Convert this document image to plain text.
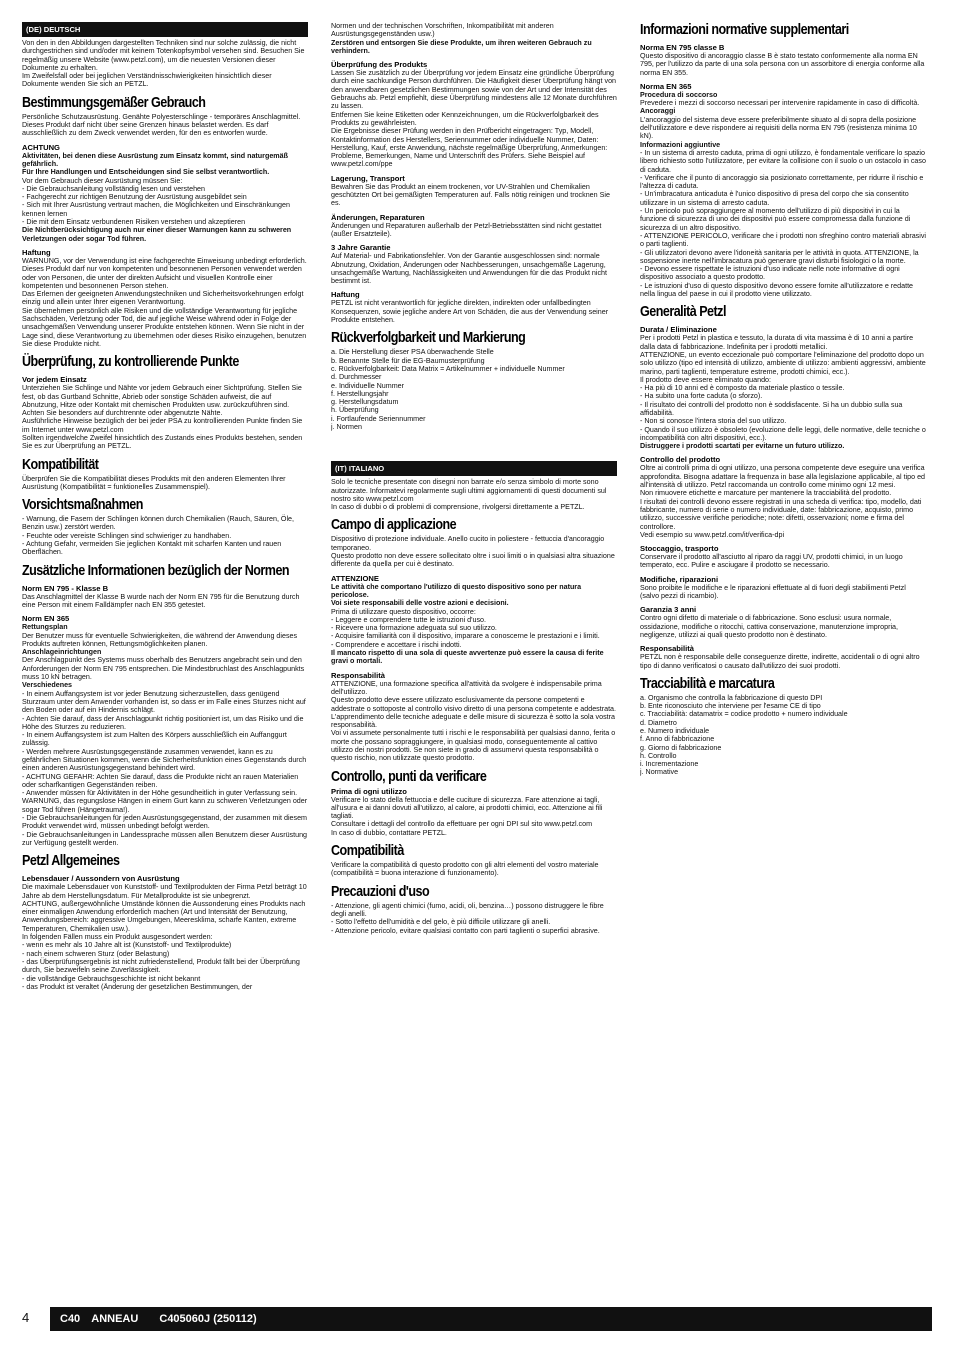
(DE) DEUTSCH
Von den in den Abbildungen dargestellten Techniken sind nur solche zulässig, die nicht durchgestrichen sind und/oder mit keinem Totenkopfsymbol versehen sind. Besuchen Sie regelmäßig unsere Website (www.petzl.com), um die neuesten Versionen dieser Dokumente zu erhalten.
Im Zweifelsfall oder bei jeglichen Verständnisschwierigkeiten hinsichtlich dieser Dokumente wenden Sie sich an PETZL.
Bestimmungsgemäßer Gebrauch
Persönliche Schutzausrüstung. Genähte Polyesterschlinge - temporäres Anschlagmittel.
Dieses Produkt darf nicht über seine Grenzen hinaus belastet werden. Es darf ausschließlich zu dem Zweck verwendet werden, für den es entworfen wurde.
ACHTUNG
Aktivitäten, bei denen diese Ausrüstung zum Einsatz kommt, sind naturgemäß gefährlich.
Für Ihre Handlungen und Entscheidungen sind Sie selbst verantwortlich.
Vor dem Gebrauch dieser Ausrüstung müssen Sie:
- Die Gebrauchsanleitung vollständig lesen und verstehen
- Fachgerecht zur richtigen Benutzung der Ausrüstung ausgebildet sein
- Sich mit Ihrer Ausrüstung vertraut machen, die Möglichkeiten und Einschränkungen kennen lernen
- Die mit dem Einsatz verbundenen Risiken verstehen und akzeptieren
Die Nichtberücksichtigung auch nur einer dieser Warnungen kann zu schweren Verletzungen oder sogar Tod führen.
Haftung
WARNUNG, vor der Verwendung ist eine fachgerechte Einweisung unbedingt erforderlich.
Dieses Produkt darf nur von kompetenten und besonnenen Personen verwendet werden oder von Personen, die unter der direkten Aufsicht und visuellen Kontrolle einer kompetenten und besonnenen Person stehen.
Das Erlernen der geeigneten Anwendungstechniken und Sicherheitsvorkehrungen erfolgt einzig und allein unter Ihrer eigenen Verantwortung.
Sie übernehmen persönlich alle Risiken und die vollständige Verantwortung für jegliche Sachschäden, Verletzung oder Tod, die auf jegliche Weise während oder in Folge der unsachgemäßen Verwendung unserer Produkte entstehen können. Wenn Sie nicht in der Lage sind, diese Verantwortung zu übernehmen oder dieses Risiko einzugehen, benutzen Sie diese Produkte nicht.
Überprüfung, zu kontrollierende Punkte
Vor jedem Einsatz
Unterziehen Sie Schlinge und Nähte vor jedem Gebrauch einer Sichtprüfung. Stellen Sie fest, ob das Gurtband Schnitte, Abrieb oder sonstige Schäden aufweist, die auf Abnutzung, Hitze oder Kontakt mit chemischen Produkten usw. zurückzuführen sind. Achten Sie besonders auf durchtrennte oder abgenutzte Nähte.
Ausführliche Hinweise bezüglich der bei jeder PSA zu kontrollierenden Punkte finden Sie im Internet unter www.petzl.com
Sollten irgendwelche Zweifel hinsichtlich des Zustands eines Produkts bestehen, senden Sie es zur Überprüfung an PETZL.
Kompatibilität
Überprüfen Sie die Kompatibilität dieses Produkts mit den anderen Elementen Ihrer Ausrüstung (Kompatibilität = funktionelles Zusammenspiel).
Vorsichtsmaßnahmen
- Warnung, die Fasern der Schlingen können durch Chemikalien (Rauch, Säuren, Öle, Benzin usw.) zerstört werden.
- Feuchte oder vereiste Schlingen sind schwieriger zu handhaben.
- Achtung Gefahr, vermeiden Sie jeglichen Kontakt mit scharfen Kanten und rauen Oberflächen.
Zusätzliche Informationen bezüglich der Normen
Norm EN 795 - Klasse B
Das Anschlagmittel der Klasse B wurde nach der Norm EN 795 für die Benutzung durch eine Person mit einem Falldämpfer nach EN 355 getestet.
Norm EN 365
Rettungsplan
Der Benutzer muss für eventuelle Schwierigkeiten, die während der Anwendung dieses Produkts auftreten können, Rettungsmöglichkeiten planen.
Anschlageinrichtungen
Der Anschlagpunkt des Systems muss oberhalb des Benutzers angebracht sein und den Anforderungen der Norm EN 795 entsprechen. Die Mindestbruchlast des Anschlagpunkts muss 10 kN betragen.
Verschiedenes
- In einem Auffangsystem ist vor jeder Benutzung sicherzustellen, dass genügend Sturzraum unter dem Anwender vorhanden ist, so dass er im Falle eines Sturzes nicht auf den Boden oder auf ein Hindernis schlägt.
- Achten Sie darauf, dass der Anschlagpunkt richtig positioniert ist, um das Risiko und die Höhe des Sturzes zu reduzieren.
- In einem Auffangsystem ist zum Halten des Körpers ausschließlich ein Auffanggurt zulässig.
- Werden mehrere Ausrüstungsgegenstände zusammen verwendet, kann es zu gefährlichen Situationen kommen, wenn die Sicherheitsfunktion eines Gegenstands durch einen anderen Ausrüstungsgegenstand behindert wird.
- ACHTUNG GEFAHR: Achten Sie darauf, dass die Produkte nicht an rauen Materialien oder scharfkantigen Gegenständen reiben.
- Anwender müssen für Aktivitäten in der Höhe gesundheitlich in guter Verfassung sein. WARNUNG, das regungslose Hängen in einem Gurt kann zu schweren Verletzungen oder sogar Tod führen (Hängetrauma!).
- Die Gebrauchsanleitungen für jeden Ausrüstungsgegenstand, der zusammen mit diesem Produkt verwendet wird, müssen unbedingt befolgt werden.
- Die Gebrauchsanleitungen in Landessprache müssen allen Benutzern dieser Ausrüstung zur Verfügung gestellt werden.
Petzl Allgemeines
Lebensdauer / Aussondern von Ausrüstung
Die maximale Lebensdauer von Kunststoff- und Textilprodukten der Firma Petzl beträgt 10 Jahre ab dem Herstellungsdatum. Für Metallprodukte ist sie unbegrenzt.
ACHTUNG, außergewöhnliche Umstände können die Aussonderung eines Produkts nach einer einmaligen Anwendung erforderlich machen (Art und Intensität der Benutzung, Anwendungsbereich: aggressive Umgebungen, Meeresklima, scharfe Kanten, extreme Temperaturen, Chemikalien usw.).
In folgenden Fällen muss ein Produkt ausgesondert werden:
- wenn es mehr als 10 Jahre alt ist (Kunststoff- und Textilprodukte)
- nach einem schweren Sturz (oder Belastung)
- das Überprüfungsergebnis ist nicht zufriedenstellend, Produkt fällt bei der Überprüfung durch, Sie bezweifeln seine Zuverlässigkeit.
- die vollständige Gebrauchsgeschichte ist nicht bekannt
- das Produkt ist veraltet (Änderung der gesetzlichen Bestimmungen, der
Normen und der technischen Vorschriften, Inkompatibilität mit anderen Ausrüstungsgegenständen usw.)
Zerstören und entsorgen Sie diese Produkte, um ihren weiteren Gebrauch zu verhindern.
Überprüfung des Produkts
Lassen Sie zusätzlich zu der Überprüfung vor jedem Einsatz eine gründliche Überprüfung durch eine sachkundige Person durchführen. Die Häufigkeit dieser Überprüfung hängt von den anwendbaren gesetzlichen Bestimmungen sowie von der Art und der Intensität des Gebrauchs ab. Petzl empfiehlt, diese Überprüfung mindestens alle 12 Monate durchführen zu lassen.
Entfernen Sie keine Etiketten oder Kennzeichnungen, um die Rückverfolgbarkeit des Produkts zu gewährleisten.
Die Ergebnisse dieser Prüfung werden in den Prüfbericht eingetragen: Typ, Modell, Kontaktinformation des Herstellers, Seriennummer oder individuelle Nummer, Daten: Herstellung, Kauf, erste Anwendung, nächste regelmäßige Überprüfung, Anmerkungen: Probleme, Bemerkungen, Name und Unterschrift des Prüfers. Siehe Beispiel auf www.petzl.com/ppe
Lagerung, Transport
Bewahren Sie das Produkt an einem trockenen, vor UV-Strahlen und Chemikalien geschützten Ort bei gemäßigten Temperaturen auf. Falls nötig reinigen und trocknen Sie es.
Änderungen, Reparaturen
Änderungen und Reparaturen außerhalb der Petzl-Betriebsstätten sind nicht gestattet (außer Ersatzteile).
3 Jahre Garantie
Auf Material- und Fabrikationsfehler. Von der Garantie ausgeschlossen sind: normale Abnutzung, Oxidation, Änderungen oder Nachbesserungen, unsachgemäße Lagerung, unsachgemäße Wartung, Nachlässigkeiten und Anwendungen für die das Produkt nicht bestimmt ist.
Haftung
PETZL ist nicht verantwortlich für jegliche direkten, indirekten oder unfallbedingten Konsequenzen, sowie jegliche andere Art von Schäden, die aus der Verwendung seiner Produkte entstehen.
Rückverfolgbarkeit und Markierung
a. Die Herstellung dieser PSA überwachende Stelle
b. Benannte Stelle für die EG-Baumusterprüfung
c. Rückverfolgbarkeit: Data Matrix = Artikelnummer + individuelle Nummer
d. Durchmesser
e. Individuelle Nummer
f. Herstellungsjahr
g. Herstellungsdatum
h. Überprüfung
i. Fortlaufende Seriennummer
j. Normen
(IT) ITALIANO
Solo le tecniche presentate con disegni non barrate e/o senza simbolo di morte sono autorizzate. Informatevi regolarmente sugli ultimi aggiornamenti di questi documenti sul nostro sito www.petzl.com
In caso di dubbi o di problemi di comprensione, rivolgersi direttamente a PETZL.
Campo di applicazione
Dispositivo di protezione individuale. Anello cucito in poliestere - fettuccia d'ancoraggio temporaneo.
Questo prodotto non deve essere sollecitato oltre i suoi limiti o in qualsiasi altra situazione differente da quella per cui è destinato.
ATTENZIONE
Le attività che comportano l'utilizzo di questo dispositivo sono per natura pericolose.
Voi siete responsabili delle vostre azioni e decisioni.
Prima di utilizzare questo dispositivo, occorre:
- Leggere e comprendere tutte le istruzioni d'uso.
- Ricevere una formazione adeguata sul suo utilizzo.
- Acquisire familiarità con il dispositivo, imparare a conoscerne le prestazioni e i limiti.
- Comprendere e accettare i rischi indotti.
Il mancato rispetto di una sola di queste avvertenze può essere la causa di ferite gravi o mortali.
Responsabilità
ATTENZIONE, una formazione specifica all'attività da svolgere è indispensabile prima dell'utilizzo.
Questo prodotto deve essere utilizzato esclusivamente da persone competenti e addestrate o sottoposte al controllo visivo diretto di una persona competente e addestrata.
L'apprendimento delle tecniche adeguate e delle misure di sicurezza è sotto la sola vostra responsabilità.
Voi vi assumete personalmente tutti i rischi e le responsabilità per qualsiasi danno, ferita o morte che possano sopraggiungere, in qualsiasi modo, conseguentemente al cattivo utilizzo dei nostri prodotti. Se non siete in grado di assumervi questa responsabilità o questo rischio, non utilizzate questo prodotto.
Controllo, punti da verificare
Prima di ogni utilizzo
Verificare lo stato della fettuccia e delle cuciture di sicurezza. Fare attenzione ai tagli, all'usura e ai danni dovuti all'utilizzo, al calore, ai prodotti chimici, ecc. Attenzione ai fili tagliati.
Consultare i dettagli del controllo da effettuare per ogni DPI sul sito www.petzl.com
In caso di dubbio, contattare PETZL.
Compatibilità
Verificare la compatibilità di questo prodotto con gli altri elementi del vostro materiale (compatibilità = buona interazione di funzionamento).
Precauzioni d'uso
- Attenzione, gli agenti chimici (fumo, acidi, oli, benzina…) possono distruggere le fibre degli anelli.
- Sotto l'effetto dell'umidità e del gelo, è più difficile utilizzare gli anelli.
- Attenzione pericolo, evitare qualsiasi contatto con parti taglienti o superfici abrasive.
Informazioni normative supplementari
Norma EN 795 classe B
Questo dispositivo di ancoraggio classe B è stato testato conformemente alla norma EN 795, per l'utilizzo da parte di una sola persona con un assorbitore di energia conforme alla norma EN 355.
Norma EN 365
Procedura di soccorso
Prevedere i mezzi di soccorso necessari per intervenire rapidamente in caso di difficoltà.
Ancoraggi
L'ancoraggio del sistema deve essere preferibilmente situato al di sopra della posizione dell'utilizzatore e deve rispondere ai requisiti della norma EN 795 (resistenza minima 10 kN).
Informazioni aggiuntive
- In un sistema di arresto caduta, prima di ogni utilizzo, è fondamentale verificare lo spazio libero richiesto sotto l'utilizzatore, per evitare la collisione con il suolo o un ostacolo in caso di caduta.
- Verificare che il punto di ancoraggio sia posizionato correttamente, per ridurre il rischio e l'altezza di caduta.
- Un'imbracatura anticaduta è l'unico dispositivo di presa del corpo che sia consentito utilizzare in un sistema di arresto caduta.
- Un pericolo può sopraggiungere al momento dell'utilizzo di più dispositivi in cui la funzione di sicurezza di uno dei dispositivi può essere compromessa dalla funzione di sicurezza di un altro dispositivo.
- ATTENZIONE PERICOLO, verificare che i prodotti non sfreghino contro materiali abrasivi o parti taglienti.
- Gli utilizzatori devono avere l'idoneità sanitaria per le attività in quota. ATTENZIONE, la sospensione inerte nell'imbracatura può generare gravi disturbi fisiologici o la morte.
- Devono essere rispettate le istruzioni d'uso indicate nelle note informative di ogni dispositivo associato a questo prodotto.
- Le istruzioni d'uso di questo dispositivo devono essere fornite all'utilizzatore e redatte nella lingua del paese in cui il prodotto viene utilizzato.
Generalità Petzl
Durata / Eliminazione
Per i prodotti Petzl in plastica e tessuto, la durata di vita massima è di 10 anni a partire dalla data di fabbricazione. Indefinita per i prodotti metallici.
ATTENZIONE, un evento eccezionale può comportare l'eliminazione del prodotto dopo un solo utilizzo (tipo ed intensità di utilizzo, ambiente di utilizzo: ambienti aggressivi, ambiente marino, parti taglienti, temperature estreme, prodotti chimici, ecc.).
Il prodotto deve essere eliminato quando:
- Ha più di 10 anni ed è composto da materiale plastico o tessile.
- Ha subito una forte caduta (o sforzo).
- Il risultato dei controlli del prodotto non è soddisfacente. Si ha un dubbio sulla sua affidabilità.
- Non si conosce l'intera storia del suo utilizzo.
- Quando il suo utilizzo è obsoleto (evoluzione delle leggi, delle normative, delle tecniche o incompatibilità con altri dispositivi, ecc.).
Distruggere i prodotti scartati per evitarne un futuro utilizzo.
Controllo del prodotto
Oltre ai controlli prima di ogni utilizzo, una persona competente deve eseguire una verifica approfondita. Bisogna adattare la frequenza in base alla legislazione applicabile, al tipo ed all'intensità di utilizzo. Petzl raccomanda un controllo come minimo ogni 12 mesi.
Non rimuovere etichette e marcature per mantenere la tracciabilità del prodotto.
I risultati dei controlli devono essere registrati in una scheda di verifica: tipo, modello, dati fabbricante, numero di serie o numero individuale, date: fabbricazione, acquisto, primo utilizzo, successive verifiche periodiche; note: difetti, osservazioni; nome e firma del controllore.
Vedi esempio su www.petzl.com/it/verifica-dpi
Stoccaggio, trasporto
Conservare il prodotto all'asciutto al riparo da raggi UV, prodotti chimici, in un luogo temperato, ecc. Pulire e asciugare il prodotto se necessario.
Modifiche, riparazioni
Sono proibite le modifiche e le riparazioni effettuate al di fuori degli stabilimenti Petzl (salvo pezzi di ricambio).
Garanzia 3 anni
Contro ogni difetto di materiale o di fabbricazione. Sono esclusi: usura normale, ossidazione, modifiche o ritocchi, cattiva conservazione, manutenzione impropria, negligenze, utilizzi ai quali questo prodotto non è destinato.
Responsabilità
PETZL non è responsabile delle conseguenze dirette, indirette, accidentali o di ogni altro tipo di danno verificatosi o causato dall'utilizzo dei suoi prodotti.
Tracciabilità e marcatura
a. Organismo che controlla la fabbricazione di questo DPI
b. Ente riconosciuto che interviene per l'esame CE di tipo
c. Tracciabilità: datamatrix = codice prodotto + numero individuale
d. Diametro
e. Numero individuale
f. Anno di fabbricazione
g. Giorno di fabbricazione
h. Controllo
i. Incrementazione
j. Normative
4	C40 ANNEAU C405060J (250112)
